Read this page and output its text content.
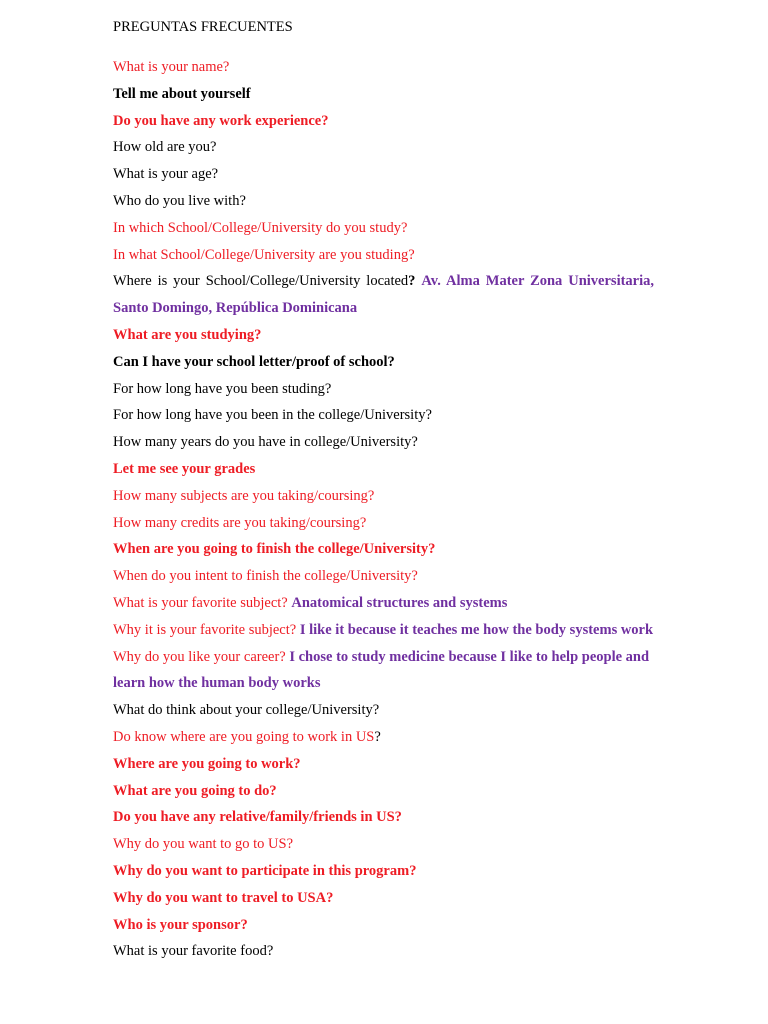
PREGUNTAS FRECUENTES
What is your name?
Tell me about yourself
Do you have any work experience?
How old are you?
What is your age?
Who do you live with?
In which School/College/University do you study?
In what School/College/University are you studing?
Where is your School/College/University located? Av. Alma Mater Zona Universitaria, Santo Domingo, República Dominicana
What are you studying?
Can I have your school letter/proof of school?
For how long have you been studing?
For how long have you been in the college/University?
How many years do you have in college/University?
Let me see your grades
How many subjects are you taking/coursing?
How many credits are you taking/coursing?
When are you going to finish the college/University?
When do you intent to finish the college/University?
What is your favorite subject? Anatomical structures and systems
Why it is your favorite subject? I like it because it teaches me how the body systems work
Why do you like your career? I chose to study medicine because I like to help people and learn how the human body works
What do think about your college/University?
Do know where are you going to work in US?
Where are you going to work?
What are you going to do?
Do you have any relative/family/friends in US?
Why do you want to go to US?
Why do you want to participate in this program?
Why do you want to travel to USA?
Who is your sponsor?
What is your favorite food?
